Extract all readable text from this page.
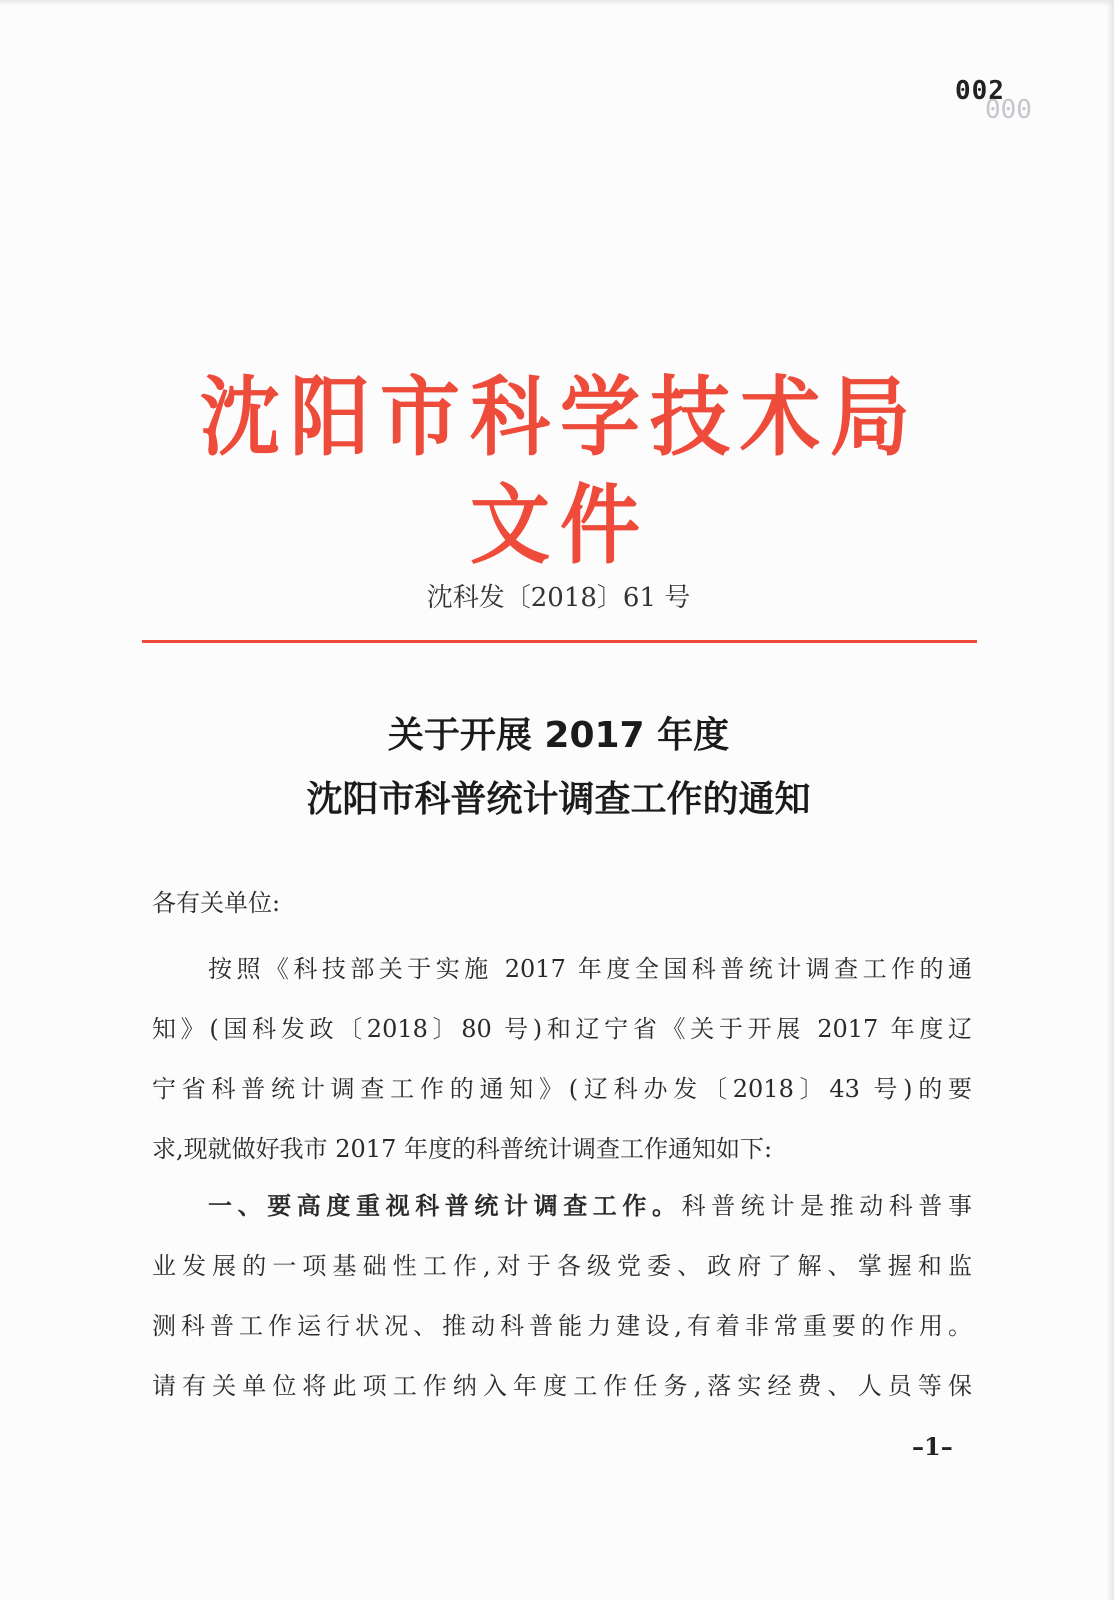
002
000
沈阳市科学技术局文件
沈科发〔2018〕61 号
关于开展 2017 年度
沈阳市科普统计调查工作的通知
各有关单位:
按照《科技部关于实施 2017 年度全国科普统计调查工作的通
知》(国科发政〔2018〕80 号)和辽宁省《关于开展 2017 年度辽
宁省科普统计调查工作的通知》(辽科办发〔2018〕43 号)的要
求,现就做好我市 2017 年度的科普统计调查工作通知如下:
一、要高度重视科普统计调查工作。科普统计是推动科普事
业发展的一项基础性工作,对于各级党委、政府了解、掌握和监
测科普工作运行状况、推动科普能力建设,有着非常重要的作用。
请有关单位将此项工作纳入年度工作任务,落实经费、人员等保
–1–
